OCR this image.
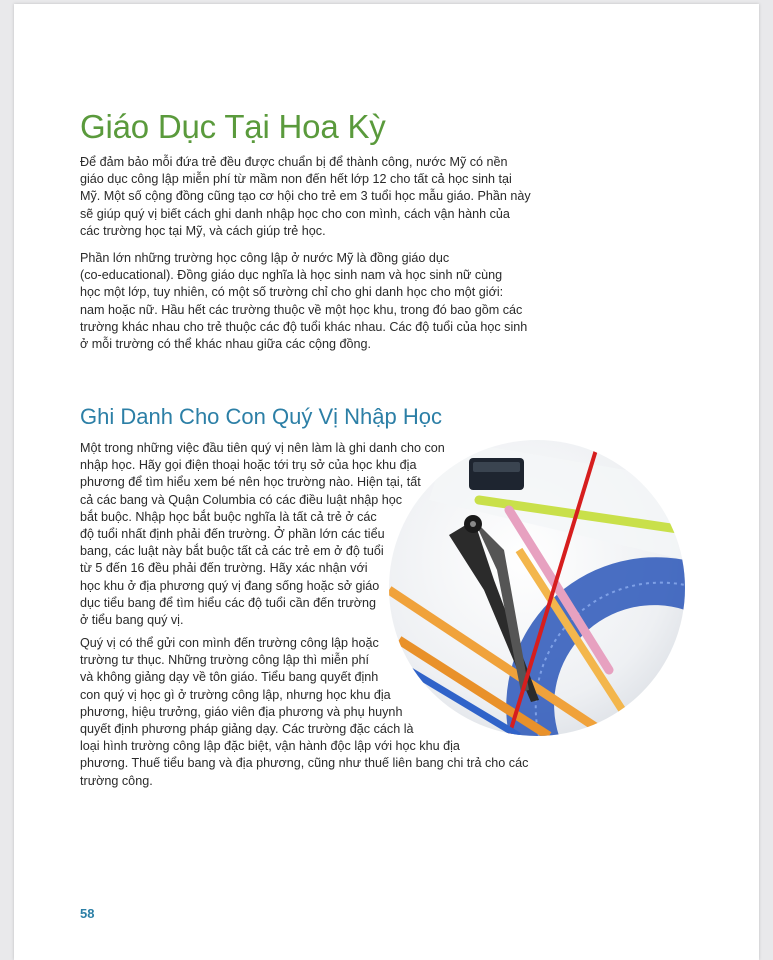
Giáo Dục Tại Hoa Kỳ

Để đảm bảo mỗi đứa trẻ đều được chuẩn bị để thành công, nước Mỹ có nền
giáo dục công lập miễn phí từ mầm non đến hết lớp 12 cho tất cả học sinh tại
Mỹ. Một số cộng đồng cũng tạo cơ hội cho trẻ em 3 tuổi học mẫu giáo. Phần này
sẽ giúp quý vị biết cách ghi danh nhập học cho con mình, cách vận hành của
các trường học tại Mỹ, và cách giúp trẻ học.

Phần lớn những trường học công lập ở nước Mỹ là đồng giáo dục
(co-educational). Đồng giáo dục nghĩa là học sinh nam và học sinh nữ cùng
học một lớp, tuy nhiên, có một số trường chỉ cho ghi danh học cho một giới:
nam hoặc nữ. Hầu hết các trường thuộc về một học khu, trong đó bao gồm các
trường khác nhau cho trẻ thuộc các độ tuổi khác nhau. Các độ tuổi của học sinh
ở mỗi trường có thể khác nhau giữa các cộng đồng.

Ghi Danh Cho Con Quý Vị Nhập Học

Một trong những việc đầu tiên quý vị nên làm là ghi danh cho con
nhập học. Hãy gọi điện thoại hoặc tới trụ sở của học khu địa
phương để tìm hiểu xem bé nên học trường nào. Hiện tại, tất
cả các bang và Quận Columbia có các điều luật nhập học
bắt buộc. Nhập học bắt buộc nghĩa là tất cả trẻ ở các
độ tuổi nhất định phải đến trường. Ở phần lớn các tiểu
bang, các luật này bắt buộc tất cả các trẻ em ở độ tuổi
từ 5 đến 16 đều phải đến trường. Hãy xác nhận với
học khu ở địa phương quý vị đang sống hoặc sở giáo
dục tiểu bang để tìm hiểu các độ tuổi cần đến trường
ở tiểu bang quý vị.

Quý vị có thể gửi con mình đến trường công lập hoặc
trường tư thục. Những trường công lập thì miễn phí
và không giảng dạy về tôn giáo. Tiểu bang quyết định
con quý vị học gì ở trường công lập, nhưng học khu địa
phương, hiệu trưởng, giáo viên địa phương và phụ huynh
quyết định phương pháp giảng dạy. Các trường đặc cách là
loại hình trường công lập đặc biệt, vận hành độc lập với học khu địa
phương. Thuế tiểu bang và địa phương, cũng như thuế liên bang chi trả cho các
trường công.

58
